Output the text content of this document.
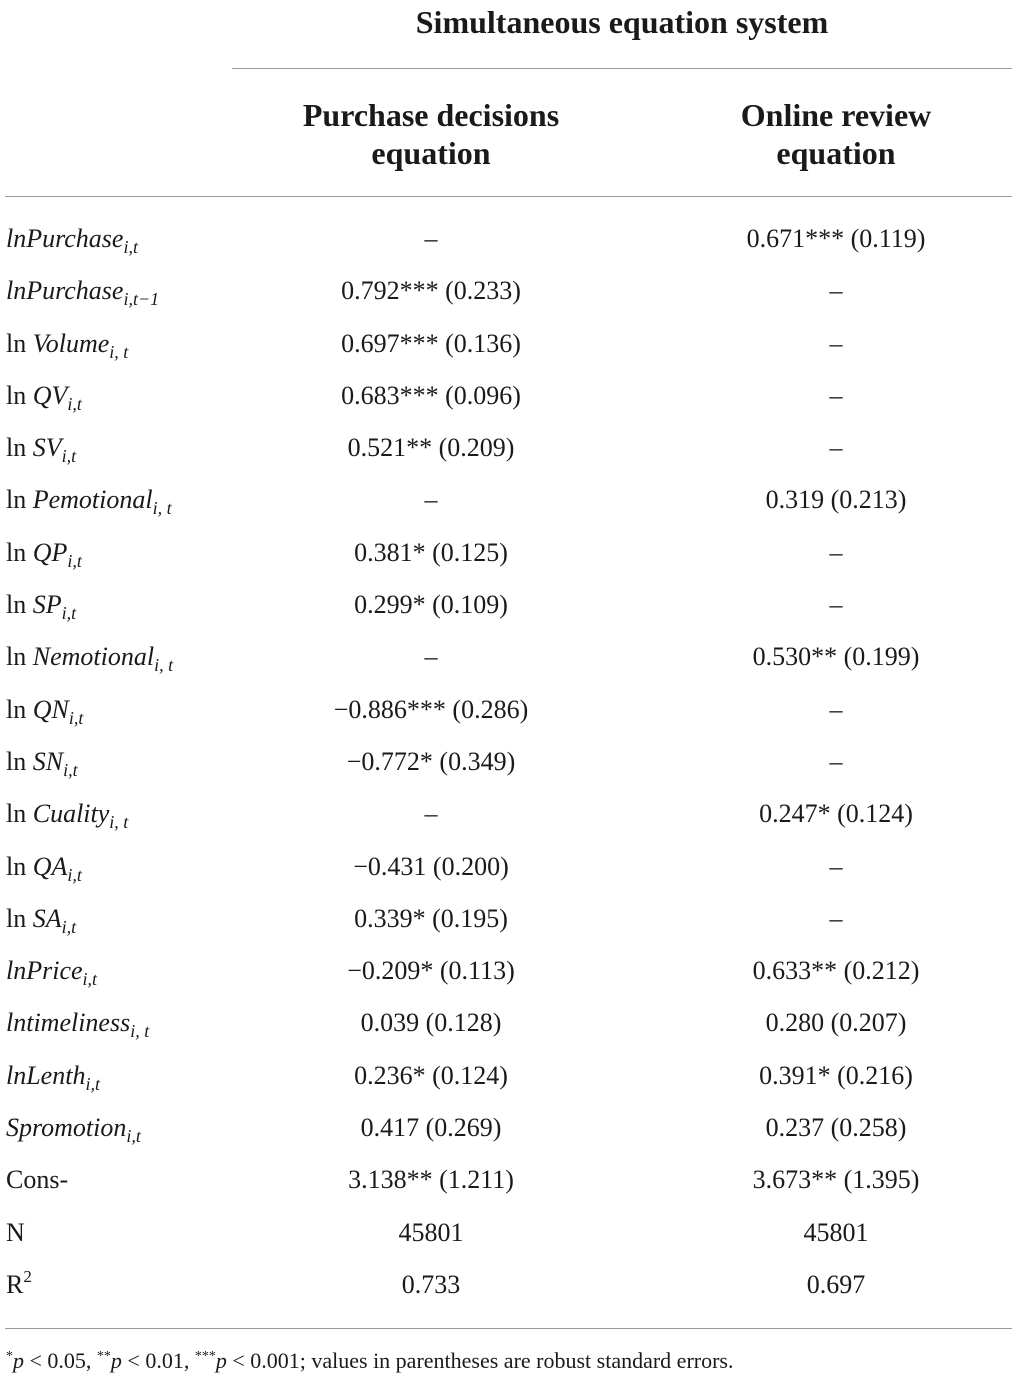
Simultaneous equation system
Purchase decisions
equation
Online review
equation
lnPurchase$_{i,t}$	–	0.671*** (0.119)
lnPurchase$_{i,t-1}$	0.792*** (0.233)	–
ln Volume$_{i, t}$	0.697*** (0.136)	–
$\ln QV_{i,t}$	0.683*** (0.096)	–
$\ln SV_{i,t}$	0.521** (0.209)	–
ln Pemotional$_{i, t}$	–	0.319 (0.213)
$\ln QP_{i,t}$	0.381* (0.125)	–
$\ln SP_{i,t}$	0.299* (0.109)	–
ln Nemotional$_{i, t}$	–	0.530** (0.199)
$\ln QN_{i,t}$	−0.886*** (0.286)	–
$\ln SN_{i,t}$	−0.772* (0.349)	–
ln Cuality$_{i, t}$	–	0.247* (0.124)
$\ln QA_{i,t}$	−0.431 (0.200)	–
$\ln SA_{i,t}$	0.339* (0.195)	–
lnPrice$_{i,t}$	−0.209* (0.113)	0.633** (0.212)
lntimeliness$_{i, t}$	0.039 (0.128)	0.280 (0.207)
lnLenth$_{i,t}$	0.236* (0.124)	0.391* (0.216)
Spromotion$_{i,t}$	0.417 (0.269)	0.237 (0.258)
Cons-	3.138** (1.211)	3.673** (1.395)
N	45801	45801
$R^2$	0.733	0.697
*p < 0.05, **p < 0.01, ***p < 0.001; values in parentheses are robust standard errors.
